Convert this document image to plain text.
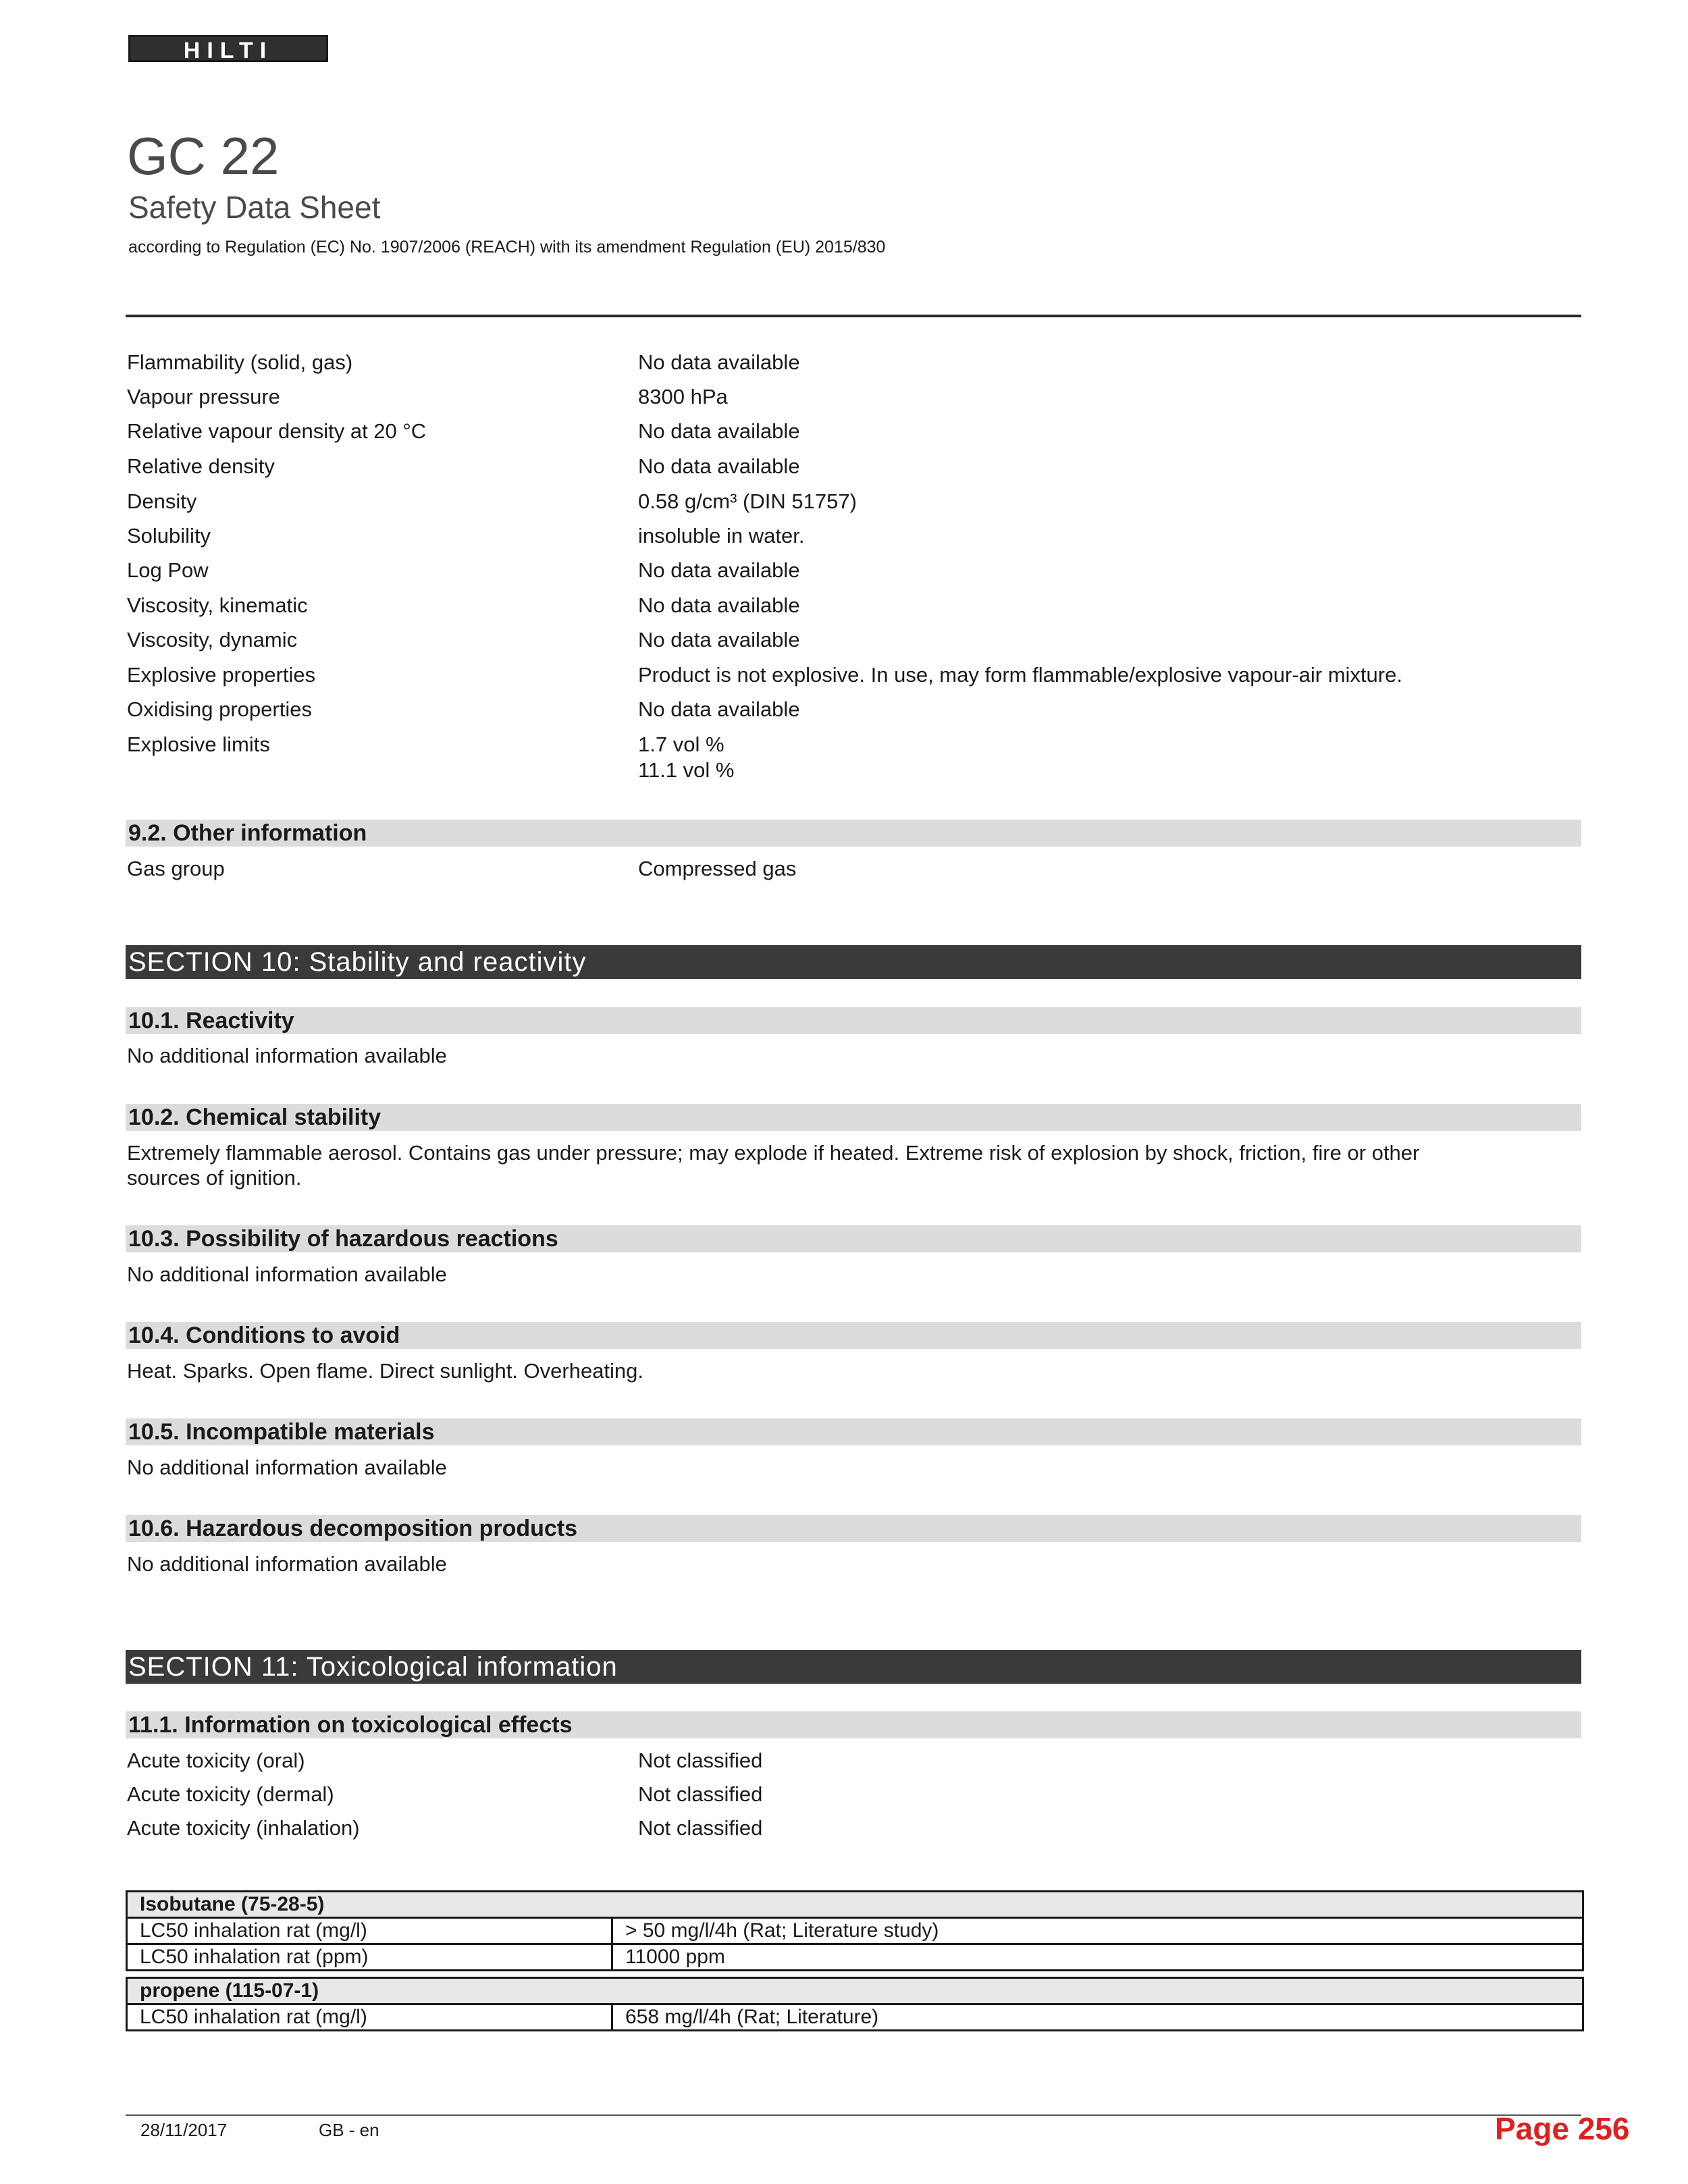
HILTI
GC 22
Safety Data Sheet
according to Regulation (EC) No. 1907/2006 (REACH) with its amendment Regulation (EU) 2015/830
Flammability (solid, gas)	No data available
Vapour pressure	8300 hPa
Relative vapour density at 20 °C	No data available
Relative density	No data available
Density	0.58 g/cm³ (DIN 51757)
Solubility	insoluble in water.
Log Pow	No data available
Viscosity, kinematic	No data available
Viscosity, dynamic	No data available
Explosive properties	Product is not explosive. In use, may form flammable/explosive vapour-air mixture.
Oxidising properties	No data available
Explosive limits	1.7 vol %
11.1 vol %
9.2. Other information
Gas group	Compressed gas
SECTION 10: Stability and reactivity
10.1. Reactivity
No additional information available
10.2. Chemical stability
Extremely flammable aerosol. Contains gas under pressure; may explode if heated. Extreme risk of explosion by shock, friction, fire or other
sources of ignition.
10.3. Possibility of hazardous reactions
No additional information available
10.4. Conditions to avoid
Heat. Sparks. Open flame. Direct sunlight. Overheating.
10.5. Incompatible materials
No additional information available
10.6. Hazardous decomposition products
No additional information available
SECTION 11: Toxicological information
11.1. Information on toxicological effects
Acute toxicity (oral)	Not classified
Acute toxicity (dermal)	Not classified
Acute toxicity (inhalation)	Not classified
Isobutane (75-28-5)	
LC50 inhalation rat (mg/l)	> 50 mg/l/4h (Rat; Literature study)
LC50 inhalation rat (ppm)	11000 ppm

propene (115-07-1)	
LC50 inhalation rat (mg/l)	658 mg/l/4h (Rat; Literature)
28/11/2017	GB - en	Page 256
